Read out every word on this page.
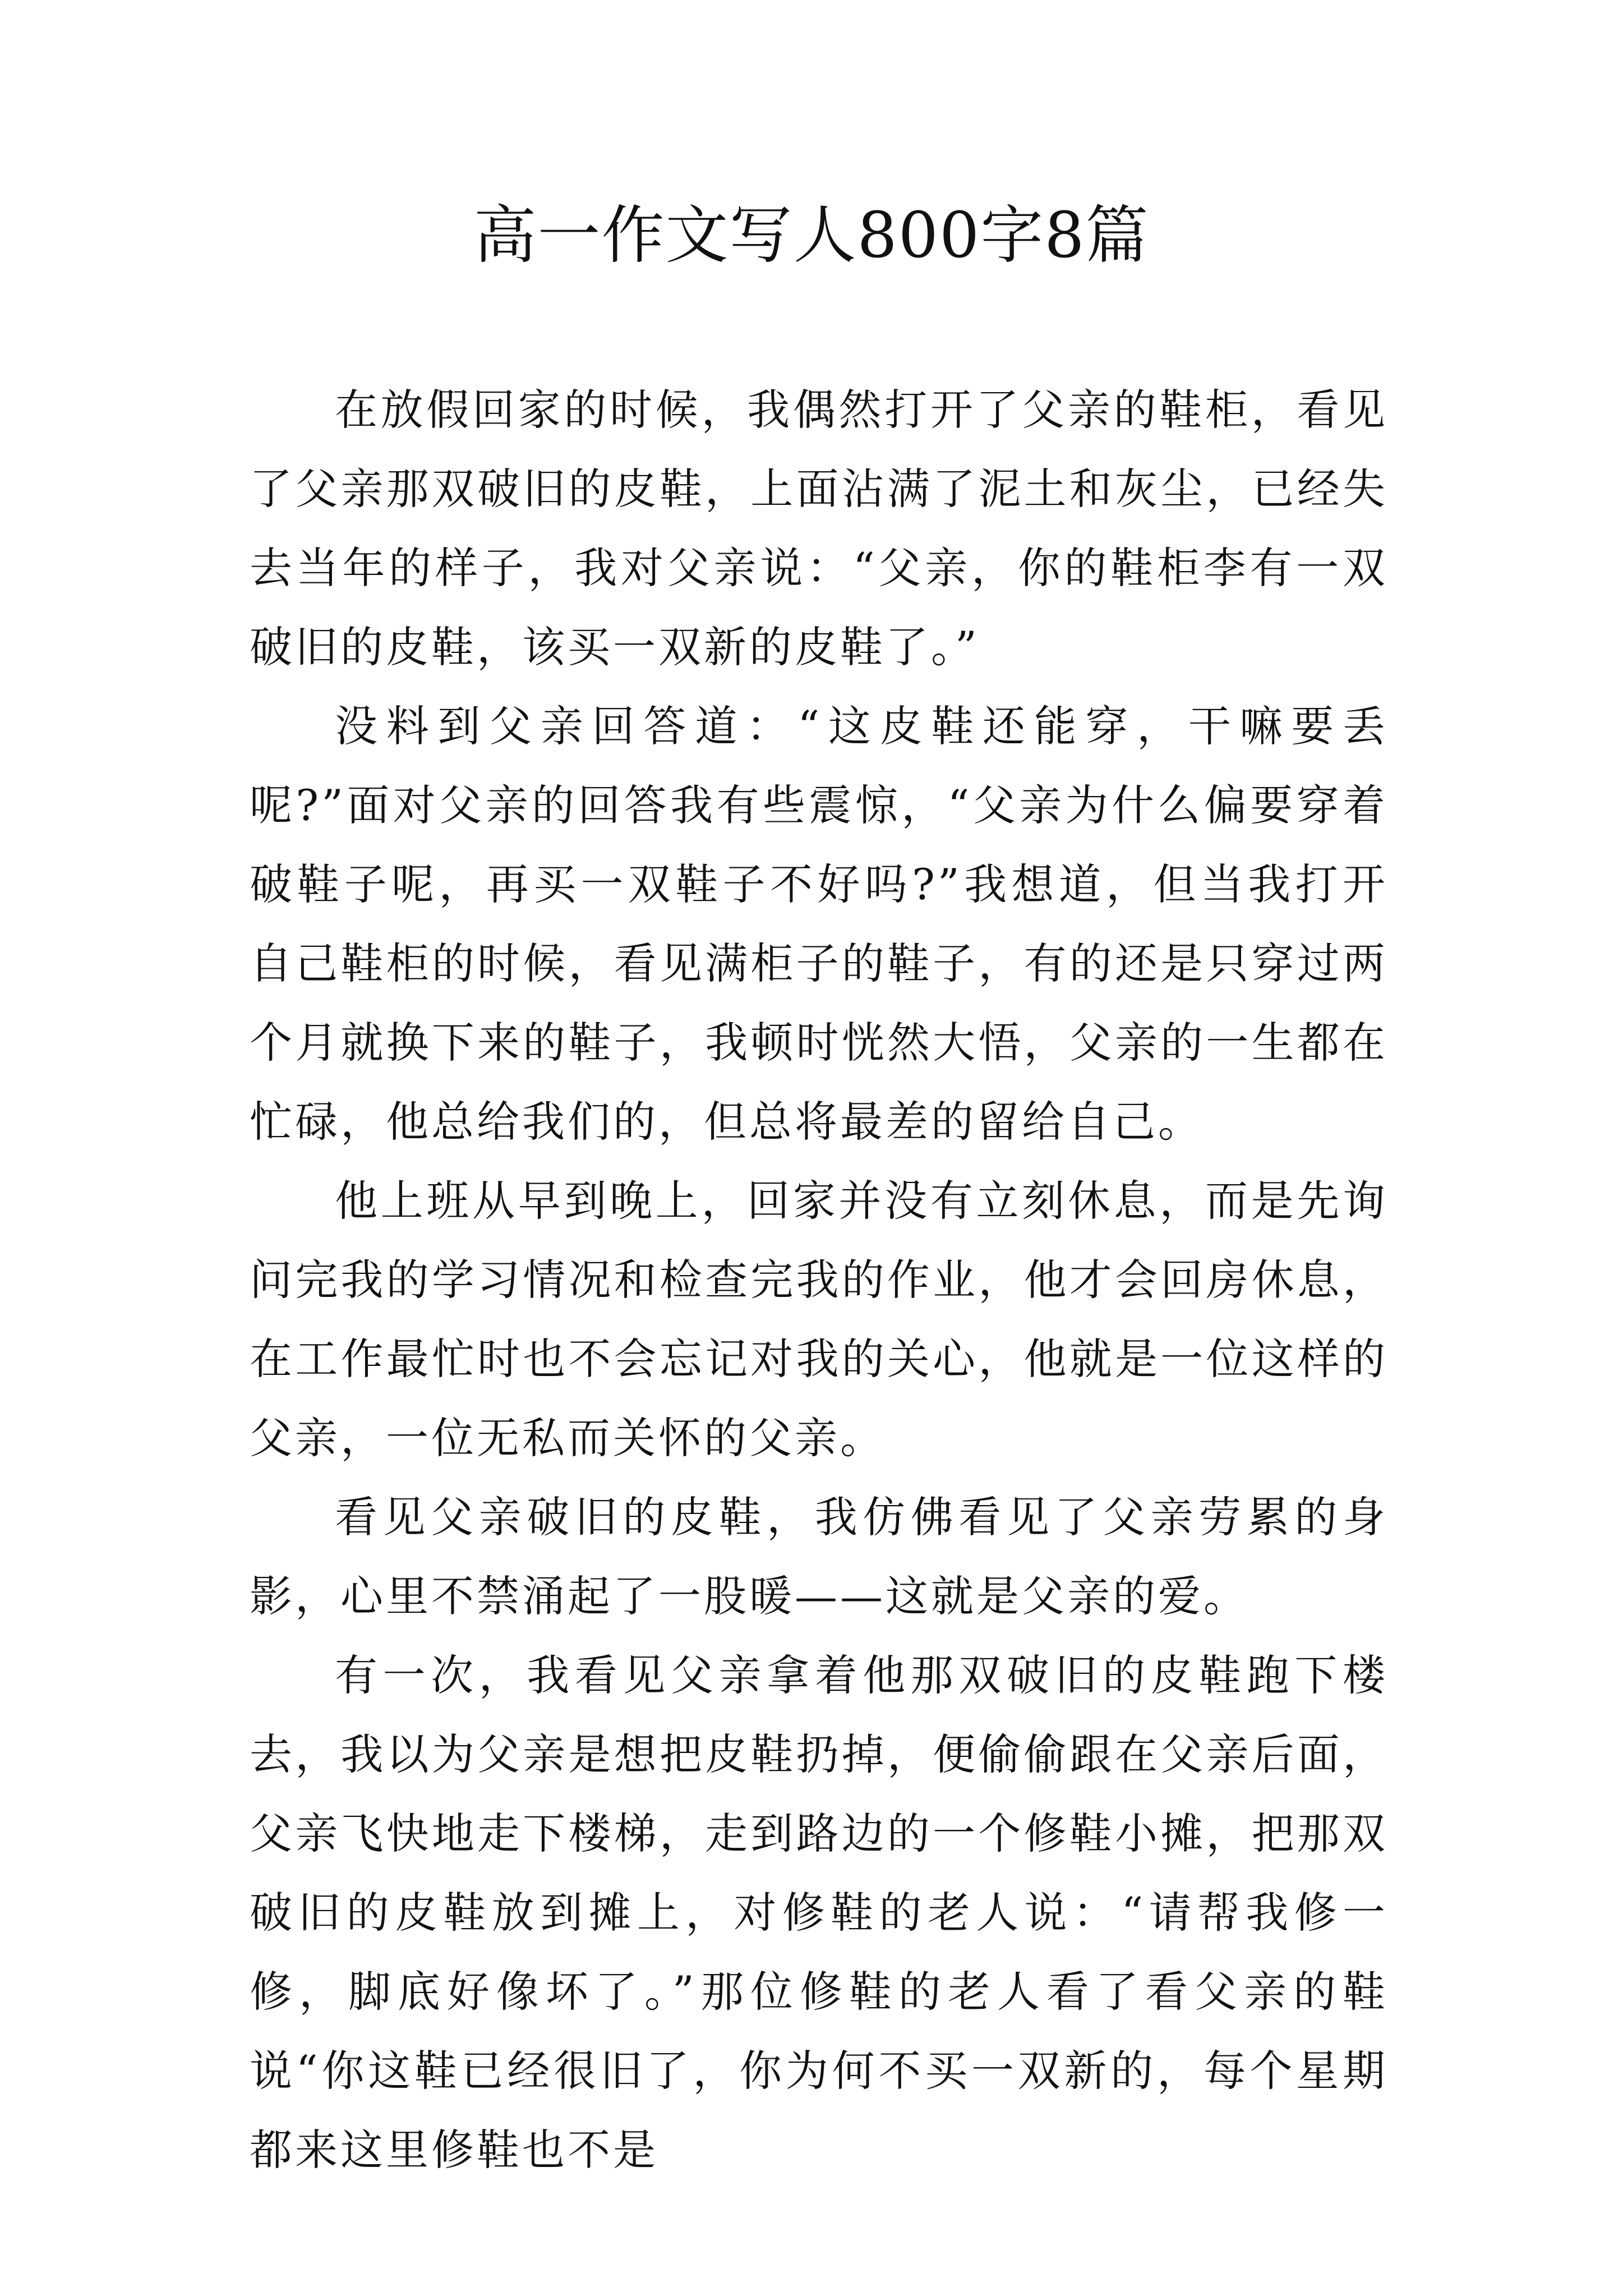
高一作文写人800字8篇

在放假回家的时候，我偶然打开了父亲的鞋柜，看见了父亲那双破旧的皮鞋，上面沾满了泥土和灰尘，已经失去当年的样子，我对父亲说：“父亲，你的鞋柜李有一双破旧的皮鞋，该买一双新的皮鞋了。”

没料到父亲回答道：“这皮鞋还能穿，干嘛要丢呢?”面对父亲的回答我有些震惊，“父亲为什么偏要穿着破鞋子呢，再买一双鞋子不好吗?”我想道，但当我打开自己鞋柜的时候，看见满柜子的鞋子，有的还是只穿过两个月就换下来的鞋子，我顿时恍然大悟，父亲的一生都在忙碌，他总给我们的，但总将最差的留给自己。

他上班从早到晚上，回家并没有立刻休息，而是先询问完我的学习情况和检查完我的作业，他才会回房休息，在工作最忙时也不会忘记对我的关心，他就是一位这样的父亲，一位无私而关怀的父亲。

看见父亲破旧的皮鞋，我仿佛看见了父亲劳累的身影，心里不禁涌起了一股暖——这就是父亲的爱。

有一次，我看见父亲拿着他那双破旧的皮鞋跑下楼去，我以为父亲是想把皮鞋扔掉，便偷偷跟在父亲后面，父亲飞快地走下楼梯，走到路边的一个修鞋小摊，把那双破旧的皮鞋放到摊上，对修鞋的老人说：“请帮我修一修，脚底好像坏了。”那位修鞋的老人看了看父亲的鞋说“你这鞋已经很旧了，你为何不买一双新的，每个星期都来这里修鞋也不是
